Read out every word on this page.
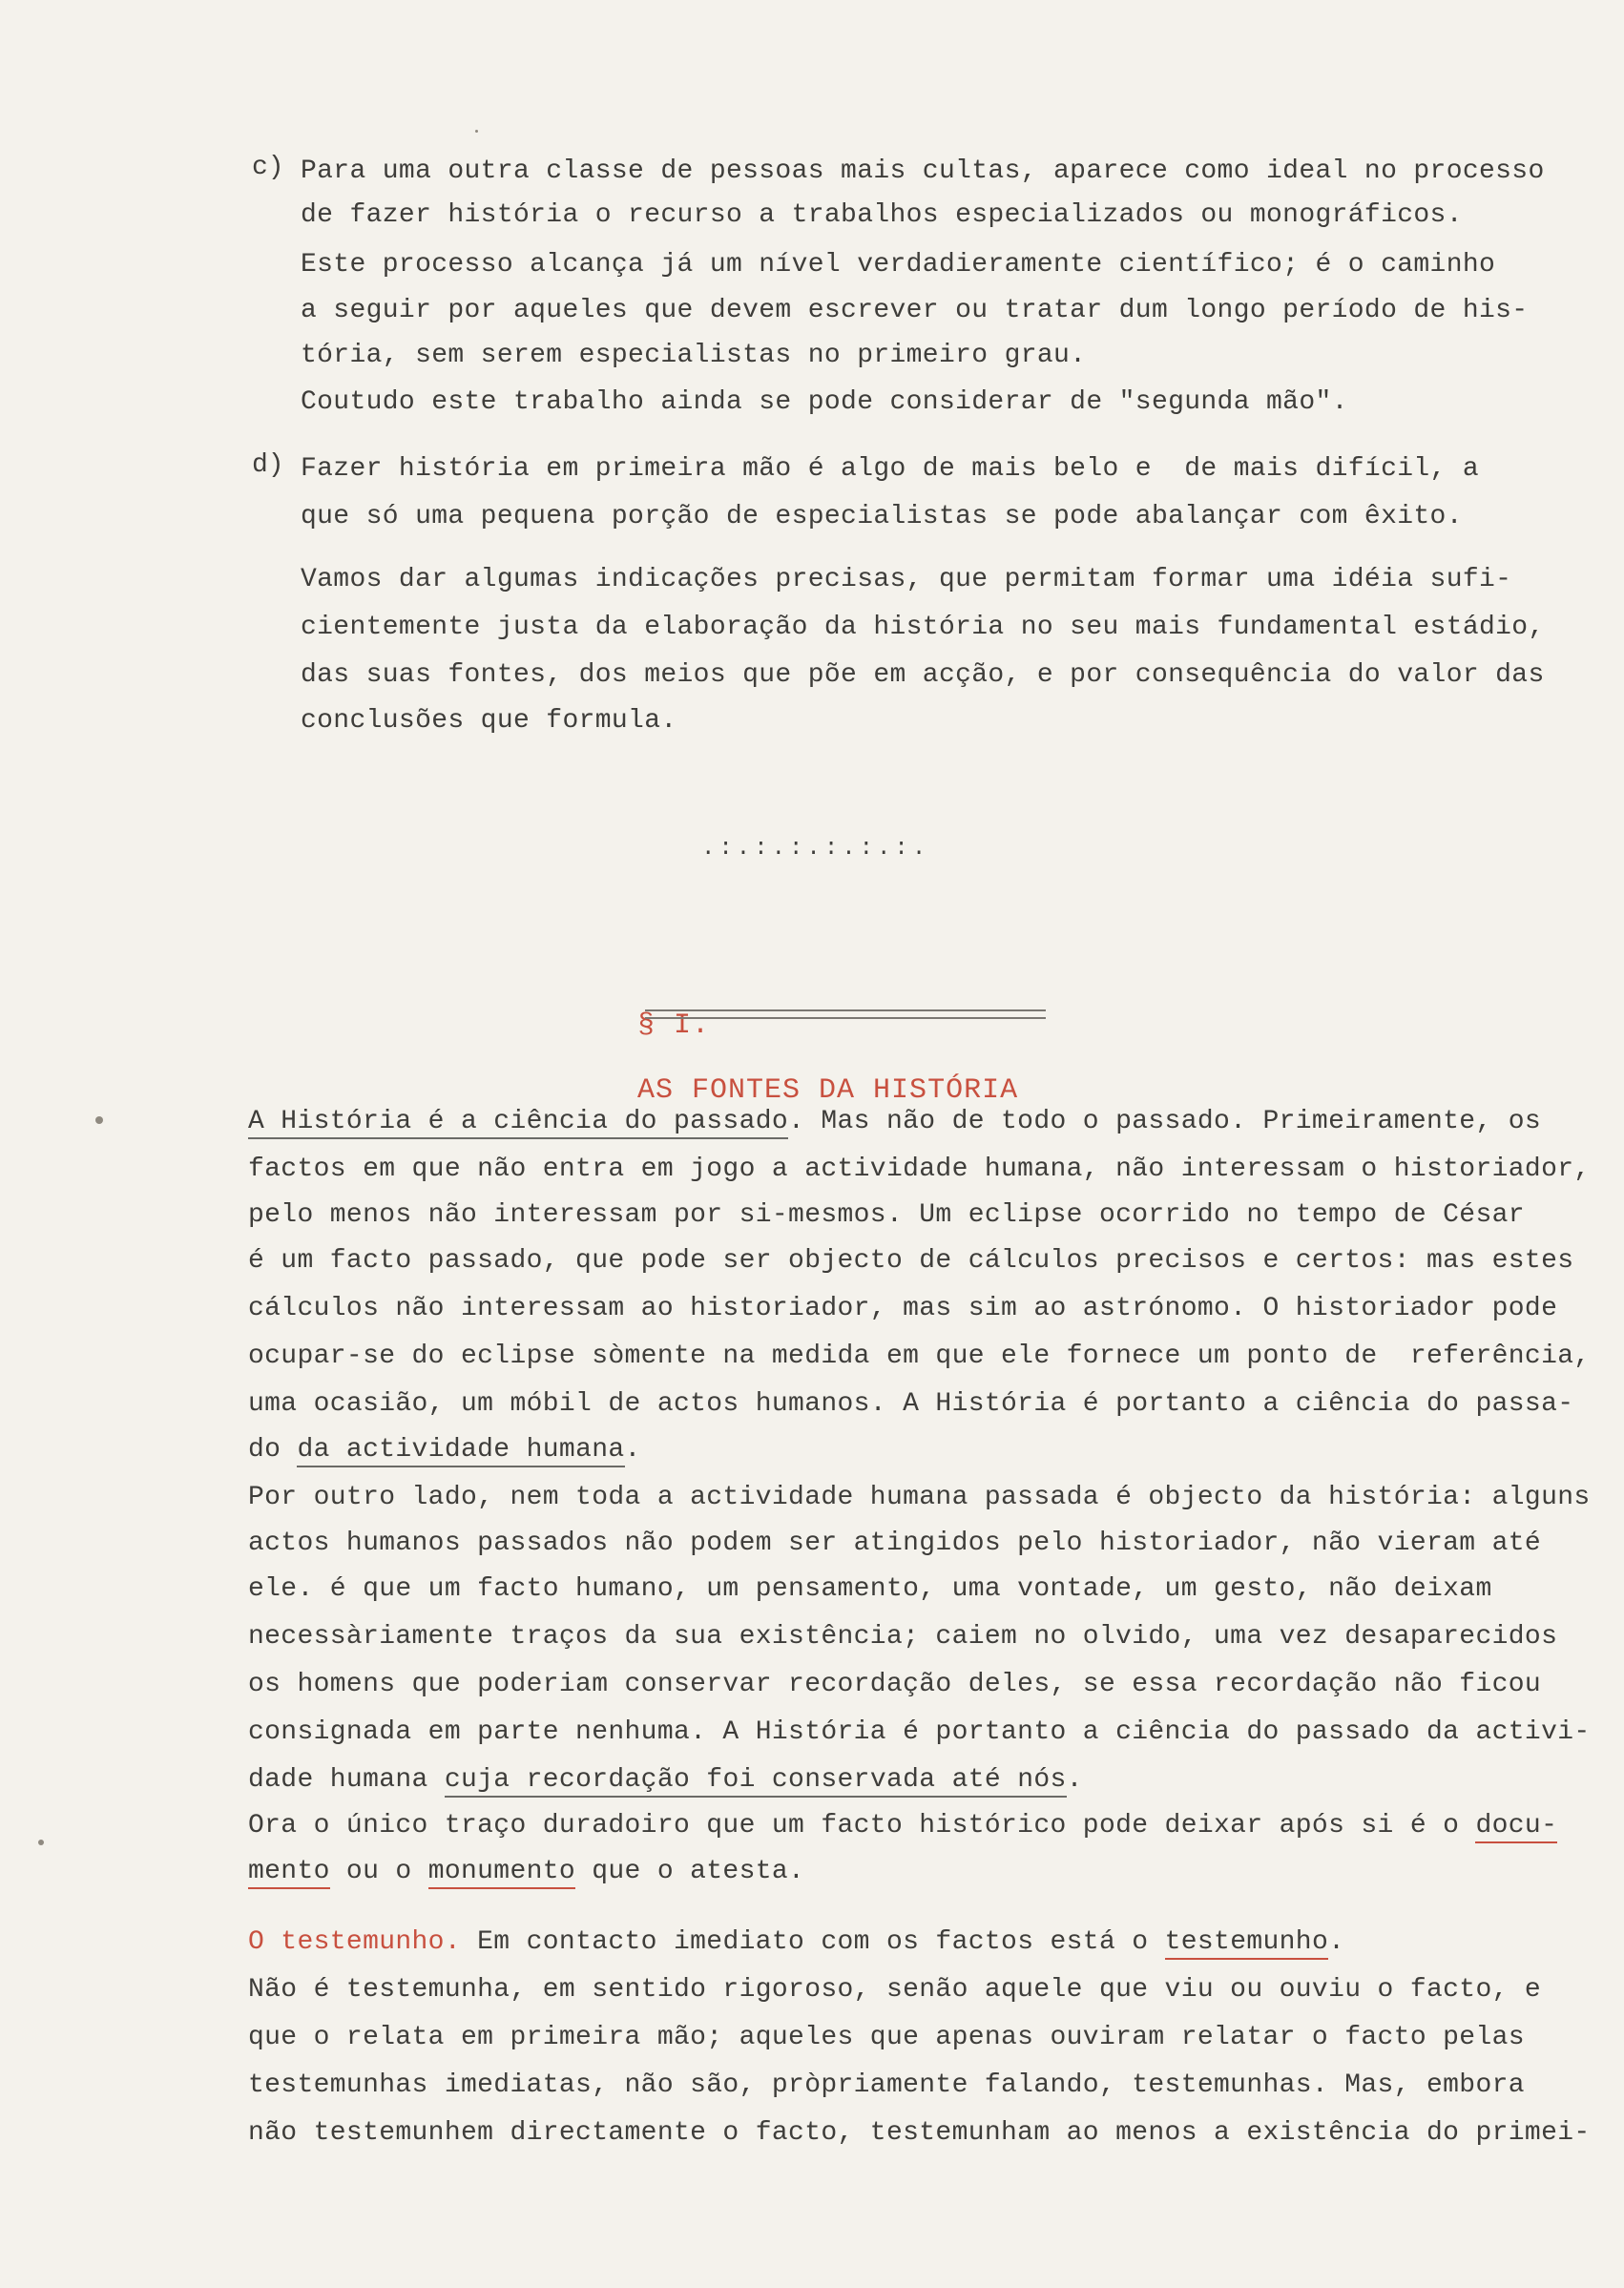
c) Para uma outra classe de pessoas mais cultas, aparece como ideal no processo

de fazer história o recurso a trabalhos especializados ou monográficos.

Este processo alcança já um nível verdadieramente científico; é o caminho

a seguir por aqueles que devem escrever ou tratar dum longo período de his-

tória, sem serem especialistas no primeiro grau.

Coutudo este trabalho ainda se pode considerar de "segunda mão".

d) Fazer história em primeira mão é algo de mais belo e  de mais difícil, a

que só uma pequena porção de especialistas se pode abalançar com êxito.

Vamos dar algumas indicações precisas, que permitam formar uma idéia sufi-

cientemente justa da elaboração da história no seu mais fundamental estádio,

das suas fontes, dos meios que põe em acção, e por consequência do valor das

conclusões que formula.

.:.:.:.:.:.:.

§ I.

AS FONTES DA HISTÓRIA

A História é a ciência do passado. Mas não de todo o passado. Primeiramente, os

factos em que não entra em jogo a actividade humana, não interessam o historiador,

pelo menos não interessam por si-mesmos. Um eclipse ocorrido no tempo de César

é um facto passado, que pode ser objecto de cálculos precisos e certos: mas estes

cálculos não interessam ao historiador, mas sim ao astrónomo. O historiador pode

ocupar-se do eclipse sòmente na medida em que ele fornece um ponto de  referência,

uma ocasião, um móbil de actos humanos. A História é portanto a ciência do passa-

do da actividade humana.

Por outro lado, nem toda a actividade humana passada é objecto da história: alguns

actos humanos passados não podem ser atingidos pelo historiador, não vieram até

ele. é que um facto humano, um pensamento, uma vontade, um gesto, não deixam

necessàriamente traços da sua existência; caiem no olvido, uma vez desaparecidos

os homens que poderiam conservar recordação deles, se essa recordação não ficou

consignada em parte nenhuma. A História é portanto a ciência do passado da activi-

dade humana cuja recordação foi conservada até nós.

Ora o único traço duradoiro que um facto histórico pode deixar após si é o docu-

mento ou o monumento que o atesta.

O testemunho. Em contacto imediato com os factos está o testemunho.

Não é testemunha, em sentido rigoroso, senão aquele que viu ou ouviu o facto, e

que o relata em primeira mão; aqueles que apenas ouviram relatar o facto pelas

testemunhas imediatas, não são, pròpriamente falando, testemunhas. Mas, embora

não testemunhem directamente o facto, testemunham ao menos a existência do primei-
